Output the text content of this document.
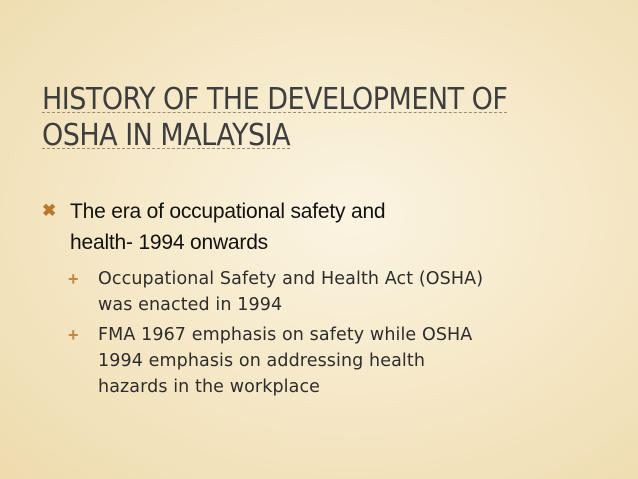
HISTORY OF THE DEVELOPMENT OF
OSHA IN MALAYSIA
✖ The era of occupational safety and
health- 1994 onwards
+	Occupational Safety and Health Act (OSHA)
was enacted in 1994
+	FMA 1967 emphasis on safety while OSHA
1994 emphasis on addressing health
hazards in the workplace
